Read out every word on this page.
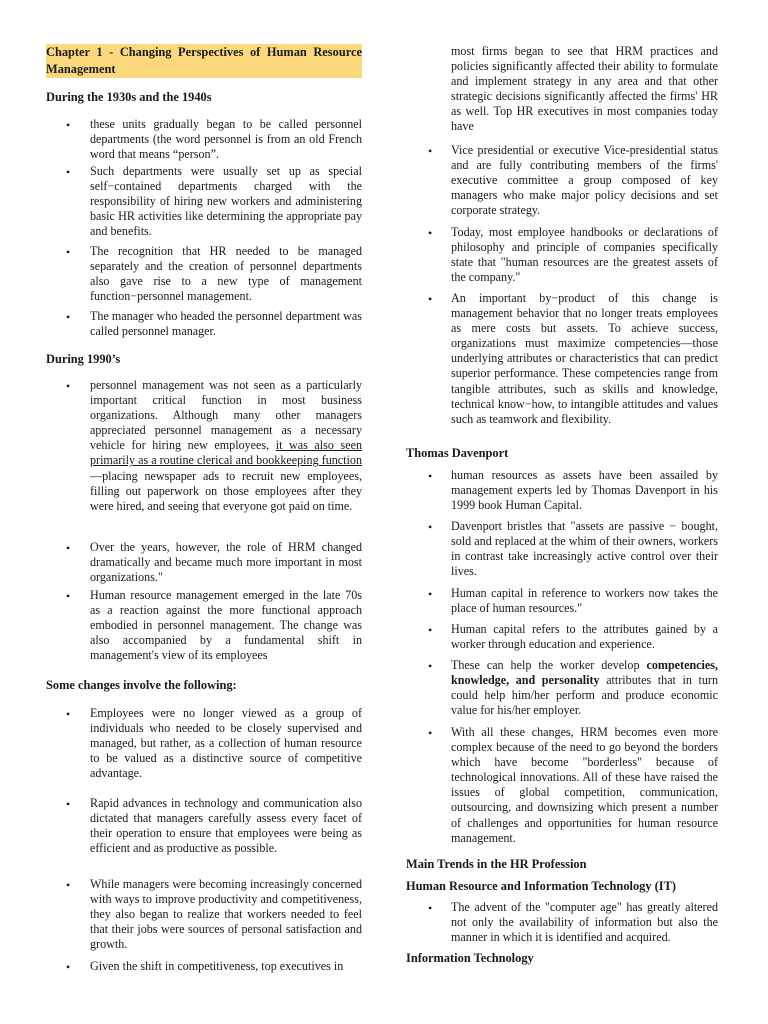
Chapter 1 - Changing Perspectives of Human Resource Management

During the 1930s and the 1940s

• these units gradually began to be called personnel departments (the word personnel is from an old French word that means “person”.

• Such departments were usually set up as special self−contained departments charged with the responsibility of hiring new workers and administering basic HR activities like determining the appropriate pay and benefits.

• The recognition that HR needed to be managed separately and the creation of personnel departments also gave rise to a new type of management function−personnel management.

• The manager who headed the personnel department was called personnel manager.

During 1990’s

• personnel management was not seen as a particularly important critical function in most business organizations. Although many other managers appreciated personnel management as a necessary vehicle for hiring new employees, it was also seen primarily as a routine clerical and bookkeeping function—placing newspaper ads to recruit new employees, filling out paperwork on those employees after they were hired, and seeing that everyone got paid on time.

• Over the years, however, the role of HRM changed dramatically and became much more important in most organizations."

• Human resource management emerged in the late 70s as a reaction against the more functional approach embodied in personnel management. The change was also accompanied by a fundamental shift in management's view of its employees

Some changes involve the following:

• Employees were no longer viewed as a group of individuals who needed to be closely supervised and managed, but rather, as a collection of human resource to be valued as a distinctive source of competitive advantage.

• Rapid advances in technology and communication also dictated that managers carefully assess every facet of their operation to ensure that employees were being as efficient and as productive as possible.

• While managers were becoming increasingly concerned with ways to improve productivity and competitiveness, they also began to realize that workers needed to feel that their jobs were sources of personal satisfaction and growth.

• Given the shift in competitiveness, top executives in

most firms began to see that HRM practices and policies significantly affected their ability to formulate and implement strategy in any area and that other strategic decisions significantly affected the firms' HR as well. Top HR executives in most companies today have

• Vice presidential or executive Vice-presidential status and are fully contributing members of the firms' executive committee a group composed of key managers who make major policy decisions and set corporate strategy.

• Today, most employee handbooks or declarations of philosophy and principle of companies specifically state that "human resources are the greatest assets of the company."

• An important by−product of this change is management behavior that no longer treats employees as mere costs but assets. To achieve success, organizations must maximize competencies—those underlying attributes or characteristics that can predict superior performance. These competencies range from tangible attributes, such as skills and knowledge, technical know−how, to intangible attitudes and values such as teamwork and flexibility.

Thomas Davenport

• human resources as assets have been assailed by management experts led by Thomas Davenport in his 1999 book Human Capital.

• Davenport bristles that "assets are passive − bought, sold and replaced at the whim of their owners, workers in contrast take increasingly active control over their lives.

• Human capital in reference to workers now takes the place of human resources."

• Human capital refers to the attributes gained by a worker through education and experience.

• These can help the worker develop competencies, knowledge, and personality attributes that in turn could help him/her perform and produce economic value for his/her employer.

• With all these changes, HRM becomes even more complex because of the need to go beyond the borders which have become "borderless" because of technological innovations. All of these have raised the issues of global competition, communication, outsourcing, and downsizing which present a number of challenges and opportunities for human resource management.

Main Trends in the HR Profession

Human Resource and Information Technology (IT)

• The advent of the "computer age" has greatly altered not only the availability of information but also the manner in which it is identified and acquired.

Information Technology
